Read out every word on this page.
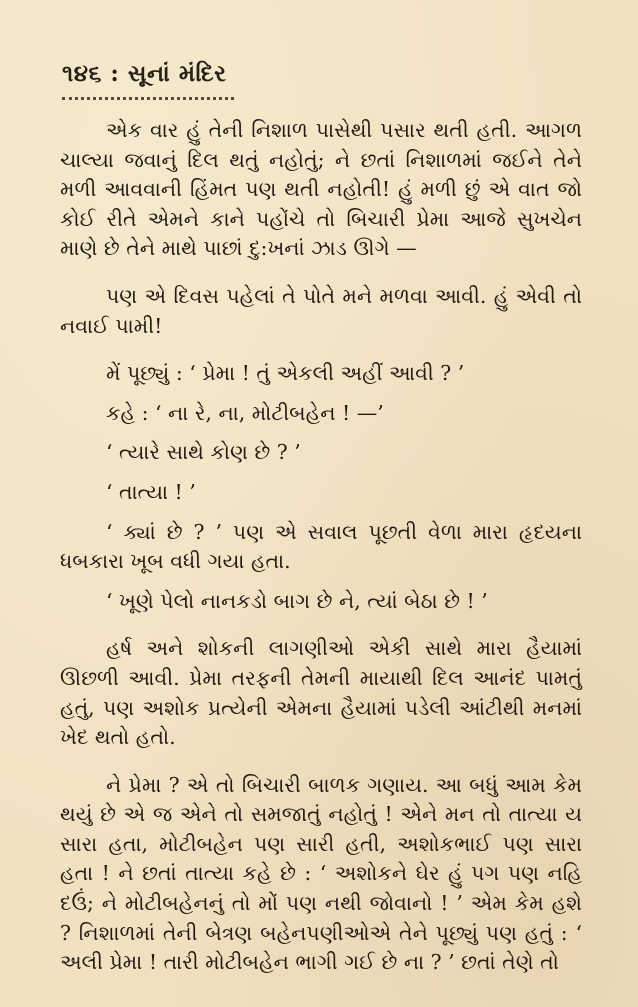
૧૪૬ : સૂનાં મંદિર

એક વાર હું તેની નિશાળ પાસેથી પસાર થતી હતી. આગળ ચાલ્યા જવાનું દિલ થતું નહોતું; ને છતાં નિશાળમાં જઈને તેને મળી આવવાની હિંમત પણ થતી નહોતી! હું મળી છું એ વાત જો કોઈ રીતે એમને કાને પહોંચે તો બિચારી પ્રેમા આજે સુખચેન માણે છે તેને માથે પાછાં દુ:ખનાં ઝાડ ઊગે —

પણ એ દિવસ પહેલાં તે પોતે મને મળવા આવી. હું એવી તો નવાઈ પામી!

મેં પૂછ્યું : ‘ પ્રેમા ! તું એકલી અહીં આવી ? ’

કહે : ‘ ના રે, ના, મોટીબહેન ! —’

‘ ત્યારે સાથે કોણ છે ? ’

‘ તાત્યા ! ’

‘ ક્યાં છે ? ’ પણ એ સવાલ પૂછતી વેળા મારા હૃદયના ધબકારા ખૂબ વધી ગયા હતા.

‘ ખૂણે પેલો નાનકડો બાગ છે ને, ત્યાં બેઠા છે ! ’

હર્ષ અને શોકની લાગણીઓ એકી સાથે મારા હૈયામાં ઊછળી આવી. પ્રેમા તરફની તેમની માયાથી દિલ આનંદ પામતું હતું, પણ અશોક પ્રત્યેની એમના હૈયામાં પડેલી આંટીથી મનમાં ખેદ થતો હતો.

ને પ્રેમા ? એ તો બિચારી બાળક ગણાય. આ બધું આમ કેમ થયું છે એ જ એને તો સમજાતું નહોતું ! એને મન તો તાત્યા ય સારા હતા, મોટીબહેન પણ સારી હતી, અશોકભાઈ પણ સારા હતા ! ને છતાં તાત્યા કહે છે : ‘ અશોકને ઘેર હું પગ પણ નહિ દઉં; ને મોટીબહેનનું તો મોં પણ નથી જોવાનો ! ’ એમ કેમ હશે ? નિશાળમાં તેની બેત્રણ બહેનપણીઓએ તેને પૂછ્યું પણ હતું : ‘ અલી પ્રેમા ! તારી મોટીબહેન ભાગી ગઈ છે ના ? ’ છતાં તેણે તો
